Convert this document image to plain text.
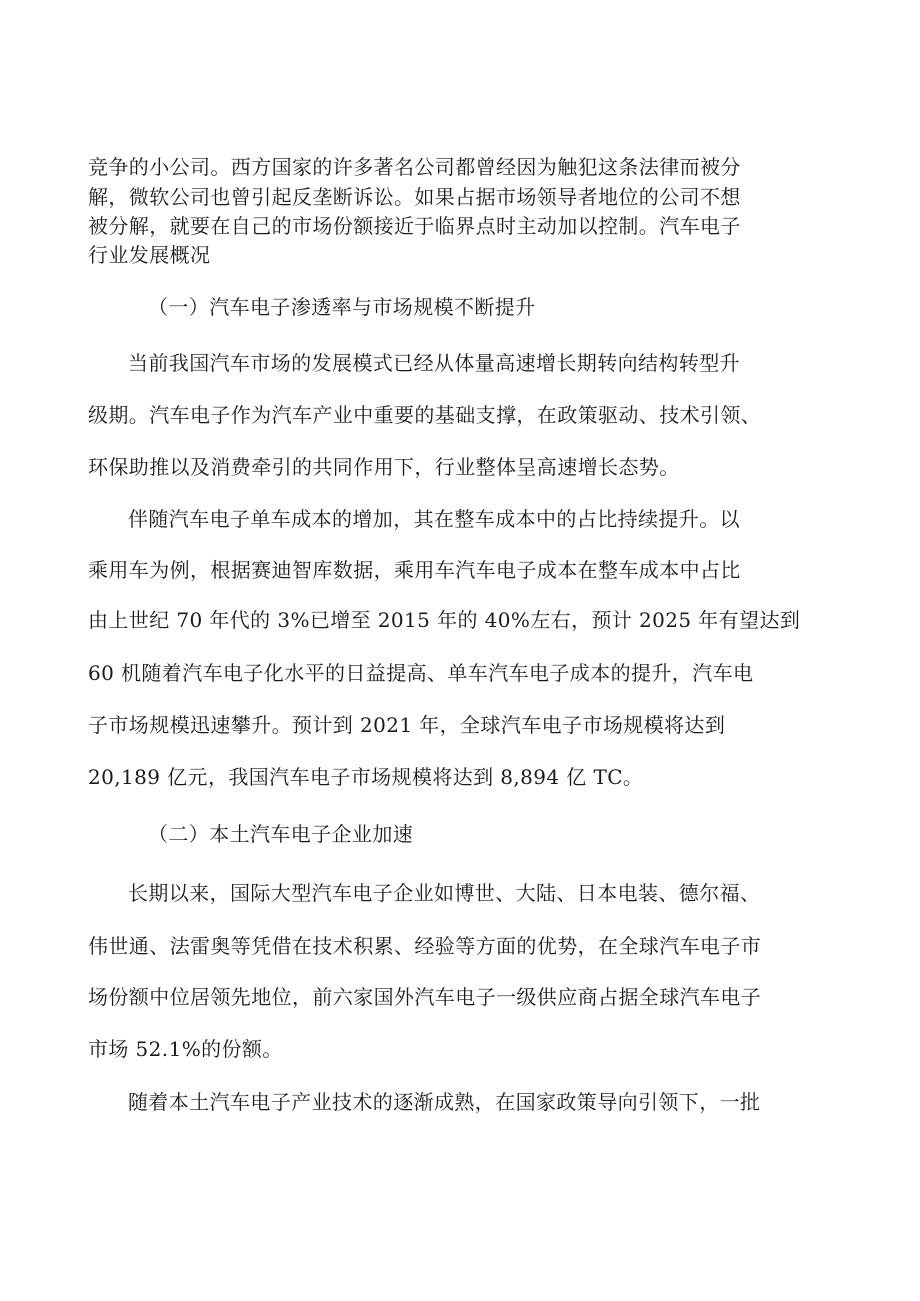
竞争的小公司。西方国家的许多著名公司都曾经因为触犯这条法律而被分
解，微软公司也曾引起反垄断诉讼。如果占据市场领导者地位的公司不想
被分解，就要在自己的市场份额接近于临界点时主动加以控制。汽车电子
行业发展概况
（一）汽车电子渗透率与市场规模不断提升
当前我国汽车市场的发展模式已经从体量高速增长期转向结构转型升
级期。汽车电子作为汽车产业中重要的基础支撑，在政策驱动、技术引领、
环保助推以及消费牵引的共同作用下，行业整体呈高速增长态势。
伴随汽车电子单车成本的增加，其在整车成本中的占比持续提升。以
乘用车为例，根据赛迪智库数据，乘用车汽车电子成本在整车成本中占比
由上世纪 70 年代的 3%已增至 2015 年的 40%左右，预计 2025 年有望达到
60 机随着汽车电子化水平的日益提高、单车汽车电子成本的提升，汽车电
子市场规模迅速攀升。预计到 2021 年，全球汽车电子市场规模将达到
20,189 亿元，我国汽车电子市场规模将达到 8,894 亿 TC。
（二）本土汽车电子企业加速
长期以来，国际大型汽车电子企业如博世、大陆、日本电装、德尔福、
伟世通、法雷奥等凭借在技术积累、经验等方面的优势，在全球汽车电子市
场份额中位居领先地位，前六家国外汽车电子一级供应商占据全球汽车电子
市场 52.1%的份额。
随着本土汽车电子产业技术的逐渐成熟，在国家政策导向引领下，一批
